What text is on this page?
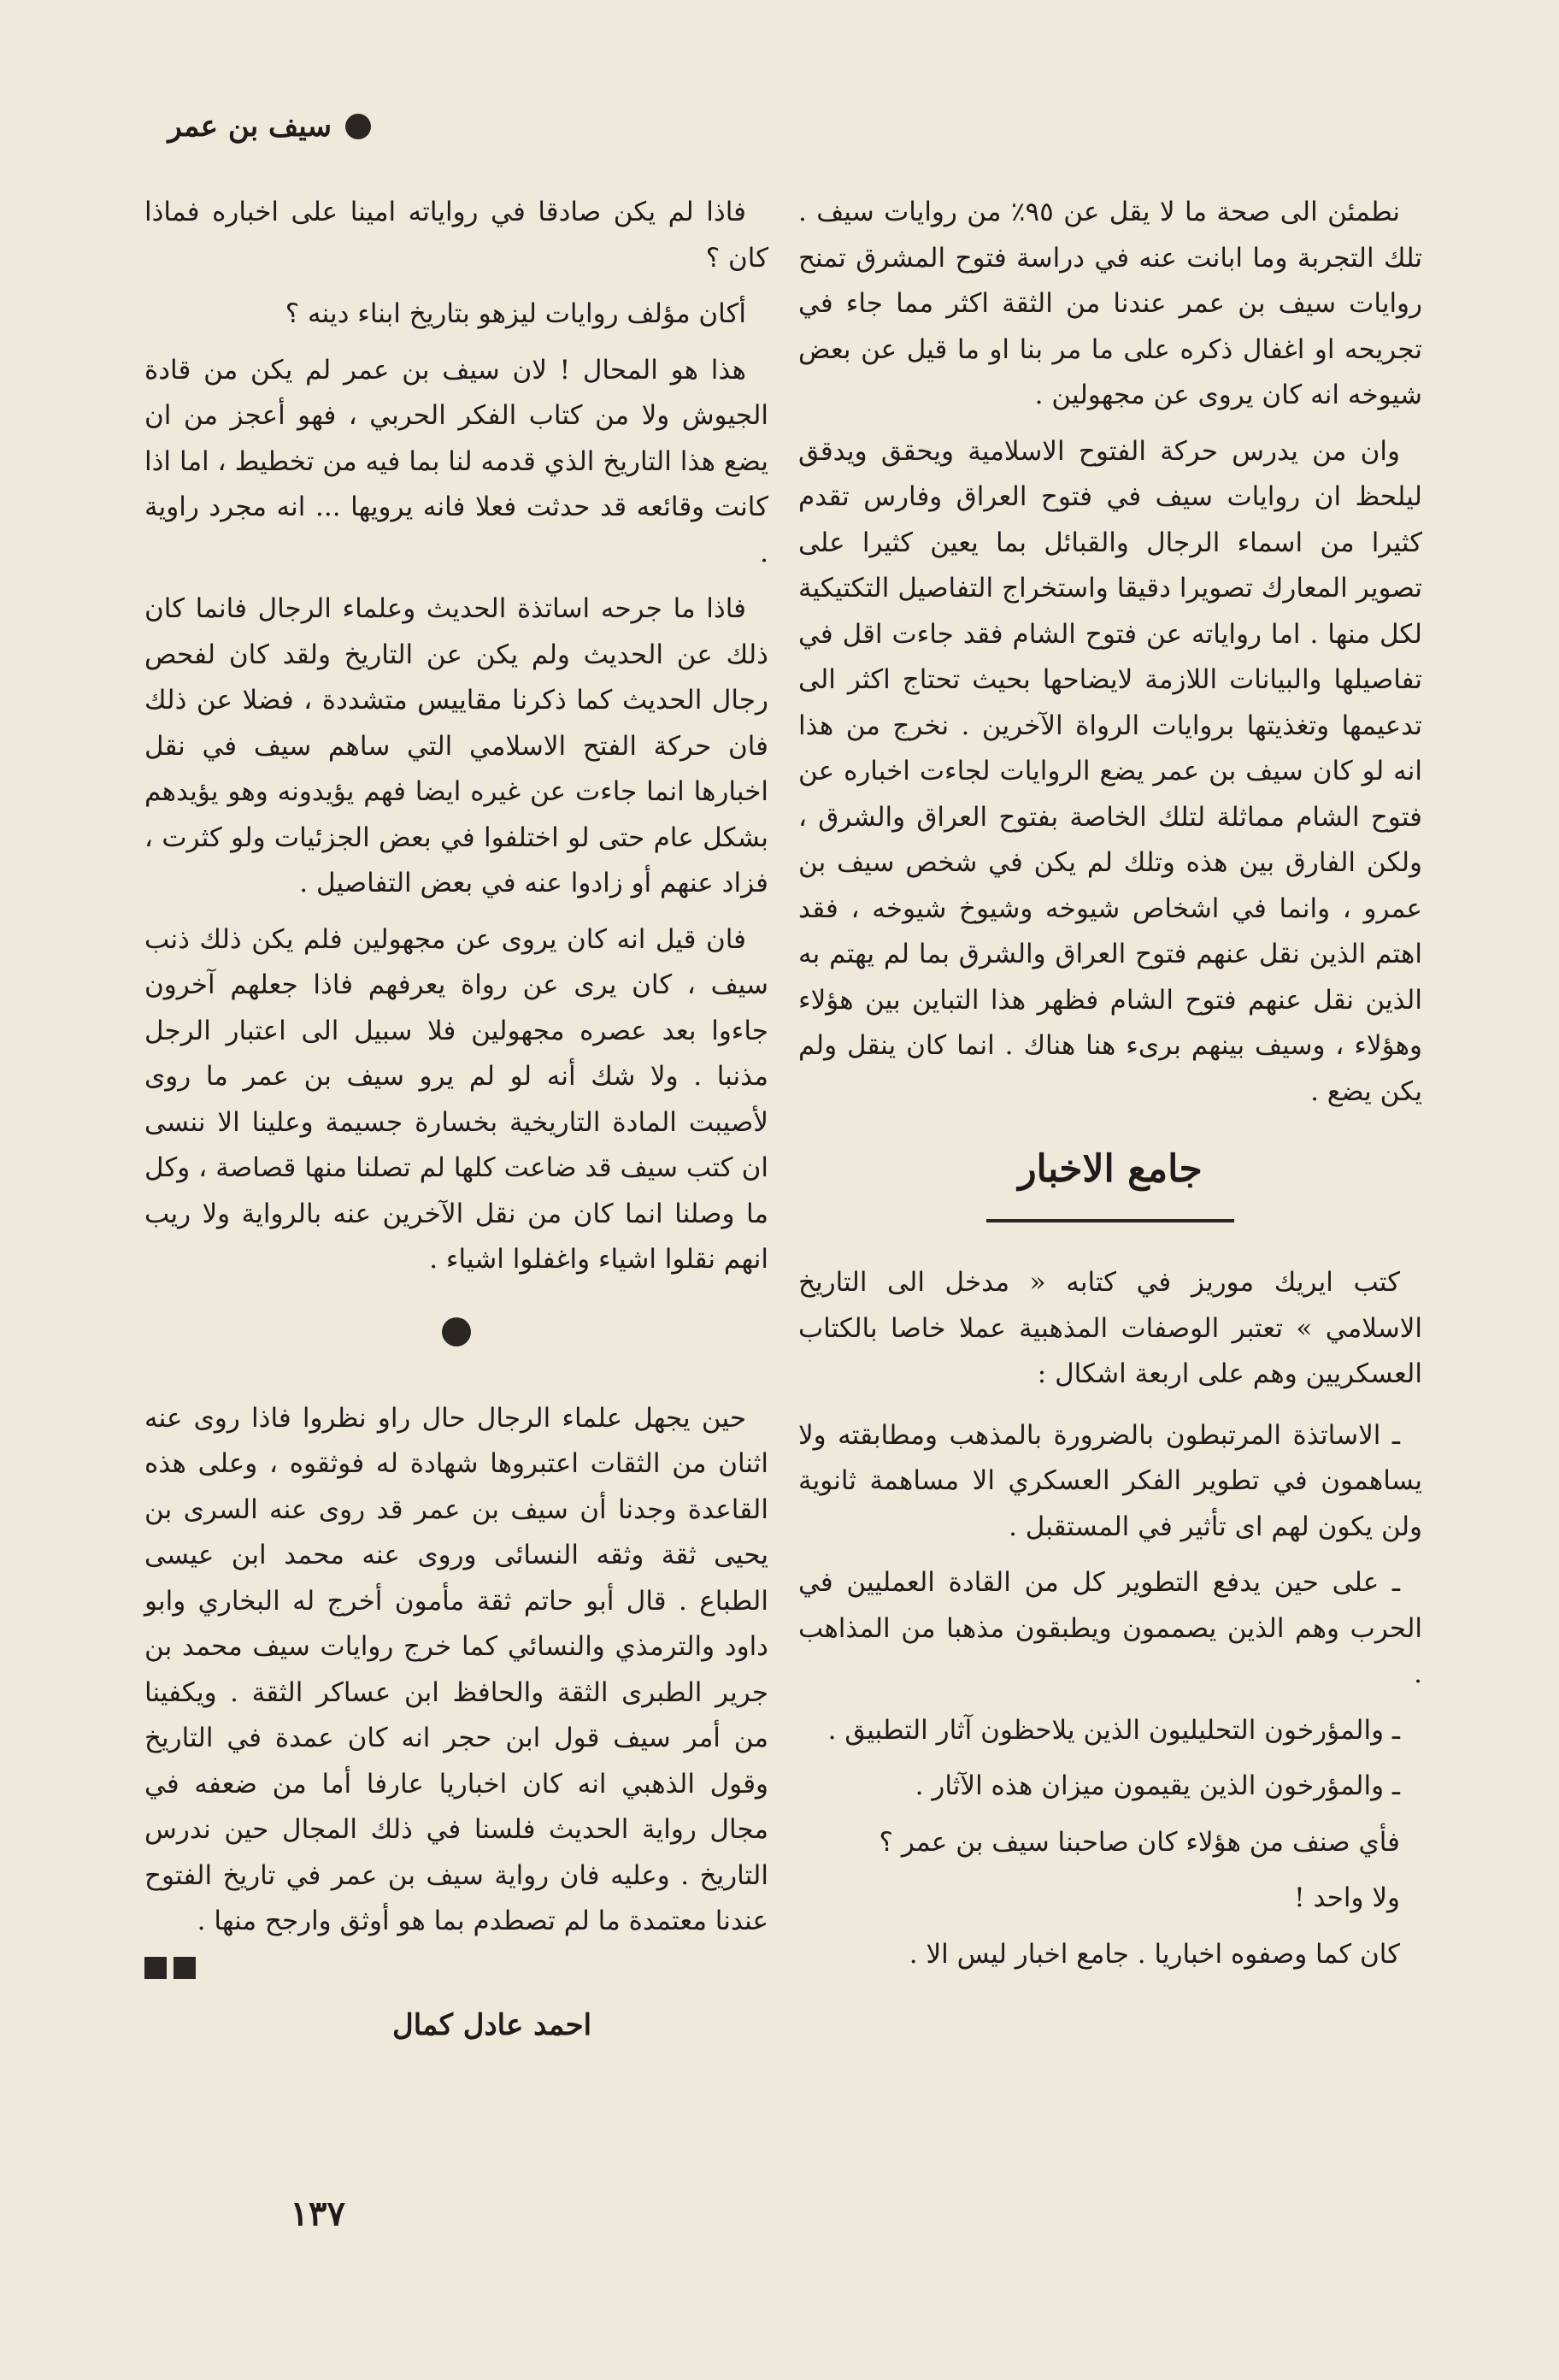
سيف بن عمر

نطمئن الى صحة ما لا يقل عن ٩٥٪ من روايات سيف . تلك التجربة وما ابانت عنه في دراسة فتوح المشرق تمنح روايات سيف بن عمر عندنا من الثقة اكثر مما جاء في تجريحه او اغفال ذكره على ما مر بنا او ما قيل عن بعض شيوخه انه كان يروى عن مجهولين .

وان من يدرس حركة الفتوح الاسلامية ويحقق ويدقق ليلحظ ان روايات سيف في فتوح العراق وفارس تقدم كثيرا من اسماء الرجال والقبائل بما يعين كثيرا على تصوير المعارك تصويرا دقيقا واستخراج التفاصيل التكتيكية لكل منها . اما رواياته عن فتوح الشام فقد جاءت اقل في تفاصيلها والبيانات اللازمة لايضاحها بحيث تحتاج اكثر الى تدعيمها وتغذيتها بروايات الرواة الآخرين . نخرج من هذا انه لو كان سيف بن عمر يضع الروايات لجاءت اخباره عن فتوح الشام مماثلة لتلك الخاصة بفتوح العراق والشرق ، ولكن الفارق بين هذه وتلك لم يكن في شخص سيف بن عمرو ، وانما في اشخاص شيوخه وشيوخ شيوخه ، فقد اهتم الذين نقل عنهم فتوح العراق والشرق بما لم يهتم به الذين نقل عنهم فتوح الشام فظهر هذا التباين بين هؤلاء وهؤلاء ، وسيف بينهم برىء هنا هناك . انما كان ينقل ولم يكن يضع .

جامع الاخبار

كتب ايريك موريز في كتابه « مدخل الى التاريخ الاسلامي » تعتبر الوصفات المذهبية عملا خاصا بالكتاب العسكريين وهم على اربعة اشكال :

ـ الاساتذة المرتبطون بالضرورة بالمذهب ومطابقته ولا يساهمون في تطوير الفكر العسكري الا مساهمة ثانوية ولن يكون لهم اى تأثير في المستقبل .

ـ على حين يدفع التطوير كل من القادة العمليين في الحرب وهم الذين يصممون ويطبقون مذهبا من المذاهب .

ـ والمؤرخون التحليليون الذين يلاحظون آثار التطبيق .

ـ والمؤرخون الذين يقيمون ميزان هذه الآثار .

فأي صنف من هؤلاء كان صاحبنا سيف بن عمر ؟

ولا واحد !

كان كما وصفوه اخباريا . جامع اخبار ليس الا .

فاذا لم يكن صادقا في رواياته امينا على اخباره فماذا كان ؟

أكان مؤلف روايات ليزهو بتاريخ ابناء دينه ؟

هذا هو المحال ! لان سيف بن عمر لم يكن من قادة الجيوش ولا من كتاب الفكر الحربي ، فهو أعجز من ان يضع هذا التاريخ الذي قدمه لنا بما فيه من تخطيط ، اما اذا كانت وقائعه قد حدثت فعلا فانه يرويها ... انه مجرد راوية .

فاذا ما جرحه اساتذة الحديث وعلماء الرجال فانما كان ذلك عن الحديث ولم يكن عن التاريخ ولقد كان لفحص رجال الحديث كما ذكرنا مقاييس متشددة ، فضلا عن ذلك فان حركة الفتح الاسلامي التي ساهم سيف في نقل اخبارها انما جاءت عن غيره ايضا فهم يؤيدونه وهو يؤيدهم بشكل عام حتى لو اختلفوا في بعض الجزئيات ولو كثرت ، فزاد عنهم أو زادوا عنه في بعض التفاصيل .

فان قيل انه كان يروى عن مجهولين فلم يكن ذلك ذنب سيف ، كان يرى عن رواة يعرفهم فاذا جعلهم آخرون جاءوا بعد عصره مجهولين فلا سبيل الى اعتبار الرجل مذنبا . ولا شك أنه لو لم يرو سيف بن عمر ما روى لأصيبت المادة التاريخية بخسارة جسيمة وعلينا الا ننسى ان كتب سيف قد ضاعت كلها لم تصلنا منها قصاصة ، وكل ما وصلنا انما كان من نقل الآخرين عنه بالرواية ولا ريب انهم نقلوا اشياء واغفلوا اشياء .

حين يجهل علماء الرجال حال راو نظروا فاذا روى عنه اثنان من الثقات اعتبروها شهادة له فوثقوه ، وعلى هذه القاعدة وجدنا أن سيف بن عمر قد روى عنه السرى بن يحيى ثقة وثقه النسائى وروى عنه محمد ابن عيسى الطباع . قال أبو حاتم ثقة مأمون أخرج له البخاري وابو داود والترمذي والنسائي كما خرج روايات سيف محمد بن جرير الطبرى الثقة والحافظ ابن عساكر الثقة . ويكفينا من أمر سيف قول ابن حجر انه كان عمدة في التاريخ وقول الذهبي انه كان اخباريا عارفا أما من ضعفه في مجال رواية الحديث فلسنا في ذلك المجال حين ندرس التاريخ . وعليه فان رواية سيف بن عمر في تاريخ الفتوح عندنا معتمدة ما لم تصطدم بما هو أوثق وارجح منها .

احمد عادل كمال
١٣٧
